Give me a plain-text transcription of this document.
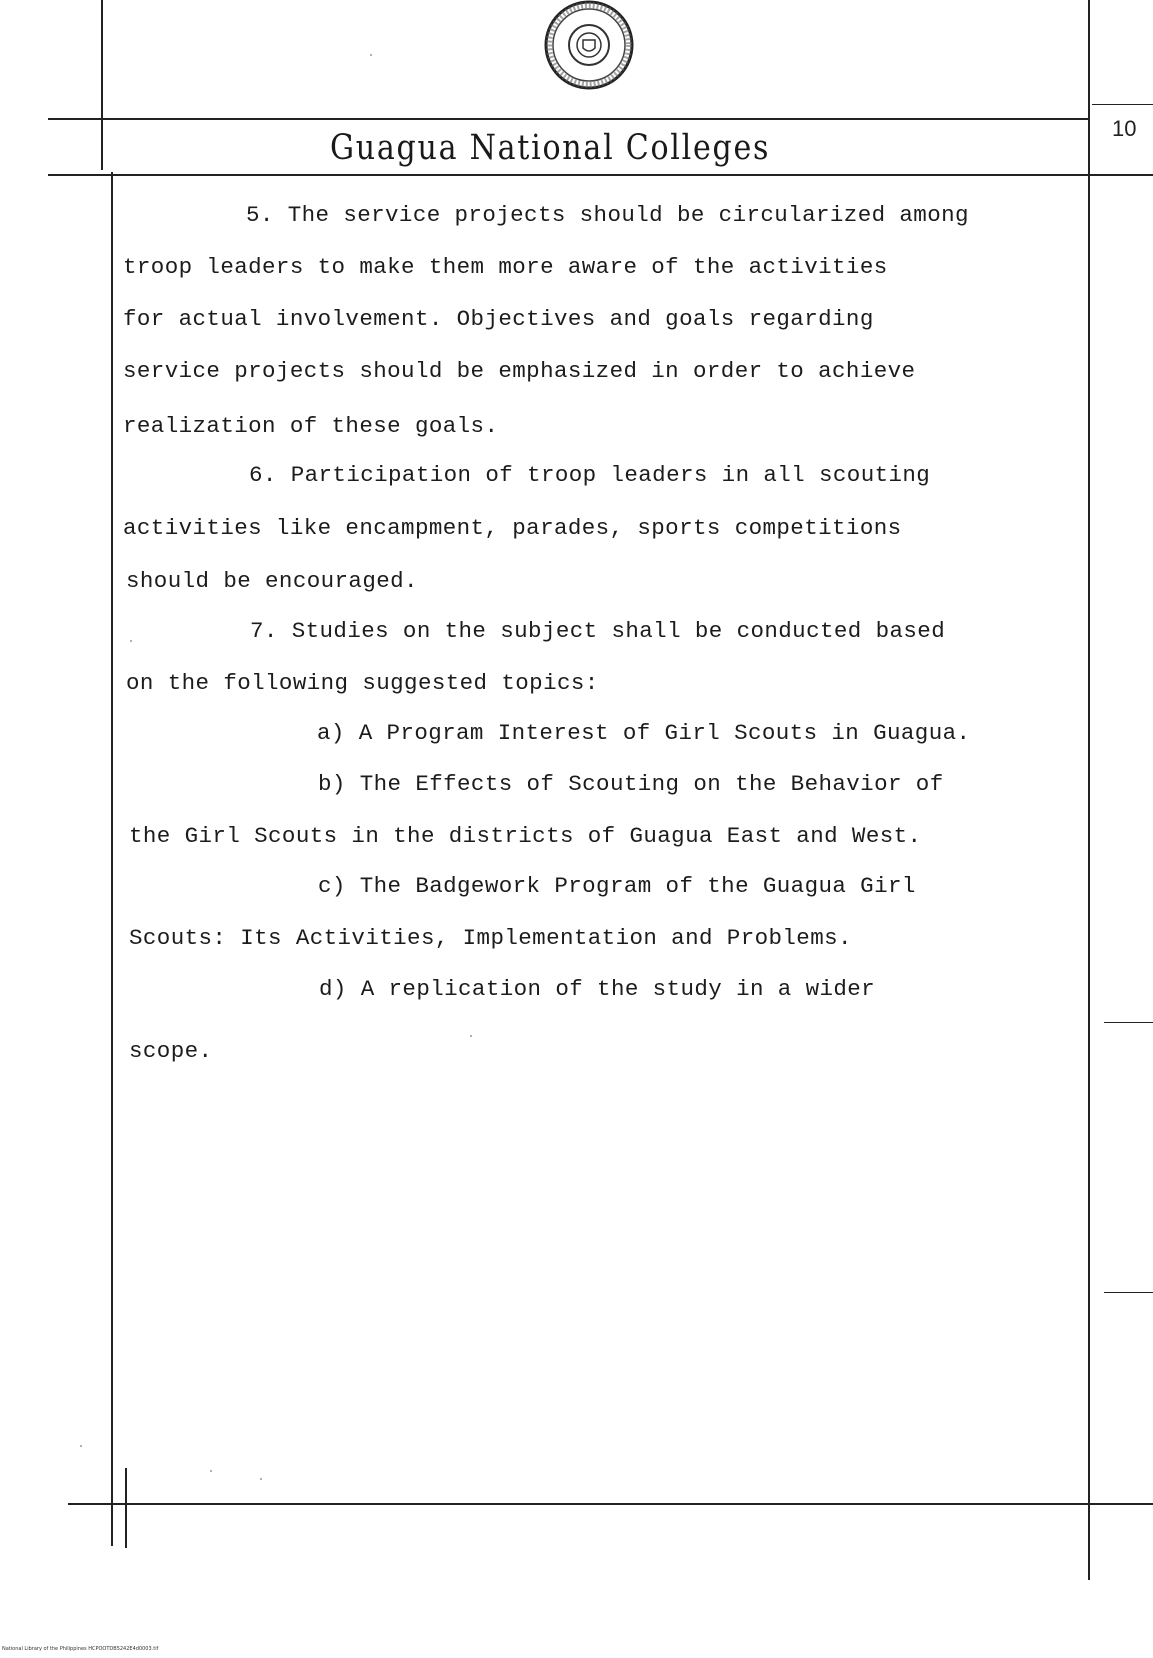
Guagua National Colleges	10
5. The service projects should be circularized among
troop leaders to make them more aware of the activities
for actual involvement. Objectives and goals regarding
service projects should be emphasized in order to achieve
realization of these goals.
6. Participation of troop leaders in all scouting
activities like encampment, parades, sports competitions
should be encouraged.
7. Studies on the subject shall be conducted based
on the following suggested topics:
a) A Program Interest of Girl Scouts in Guagua.
b) The Effects of Scouting on the Behavior of
the Girl Scouts in the districts of Guagua East and West.
c) The Badgework Program of the Guagua Girl
Scouts: Its Activities, Implementation and Problems.
d) A replication of the study in a wider
scope.
National Library of the Philippines HCPOOTDB5242E4d0003.tif
